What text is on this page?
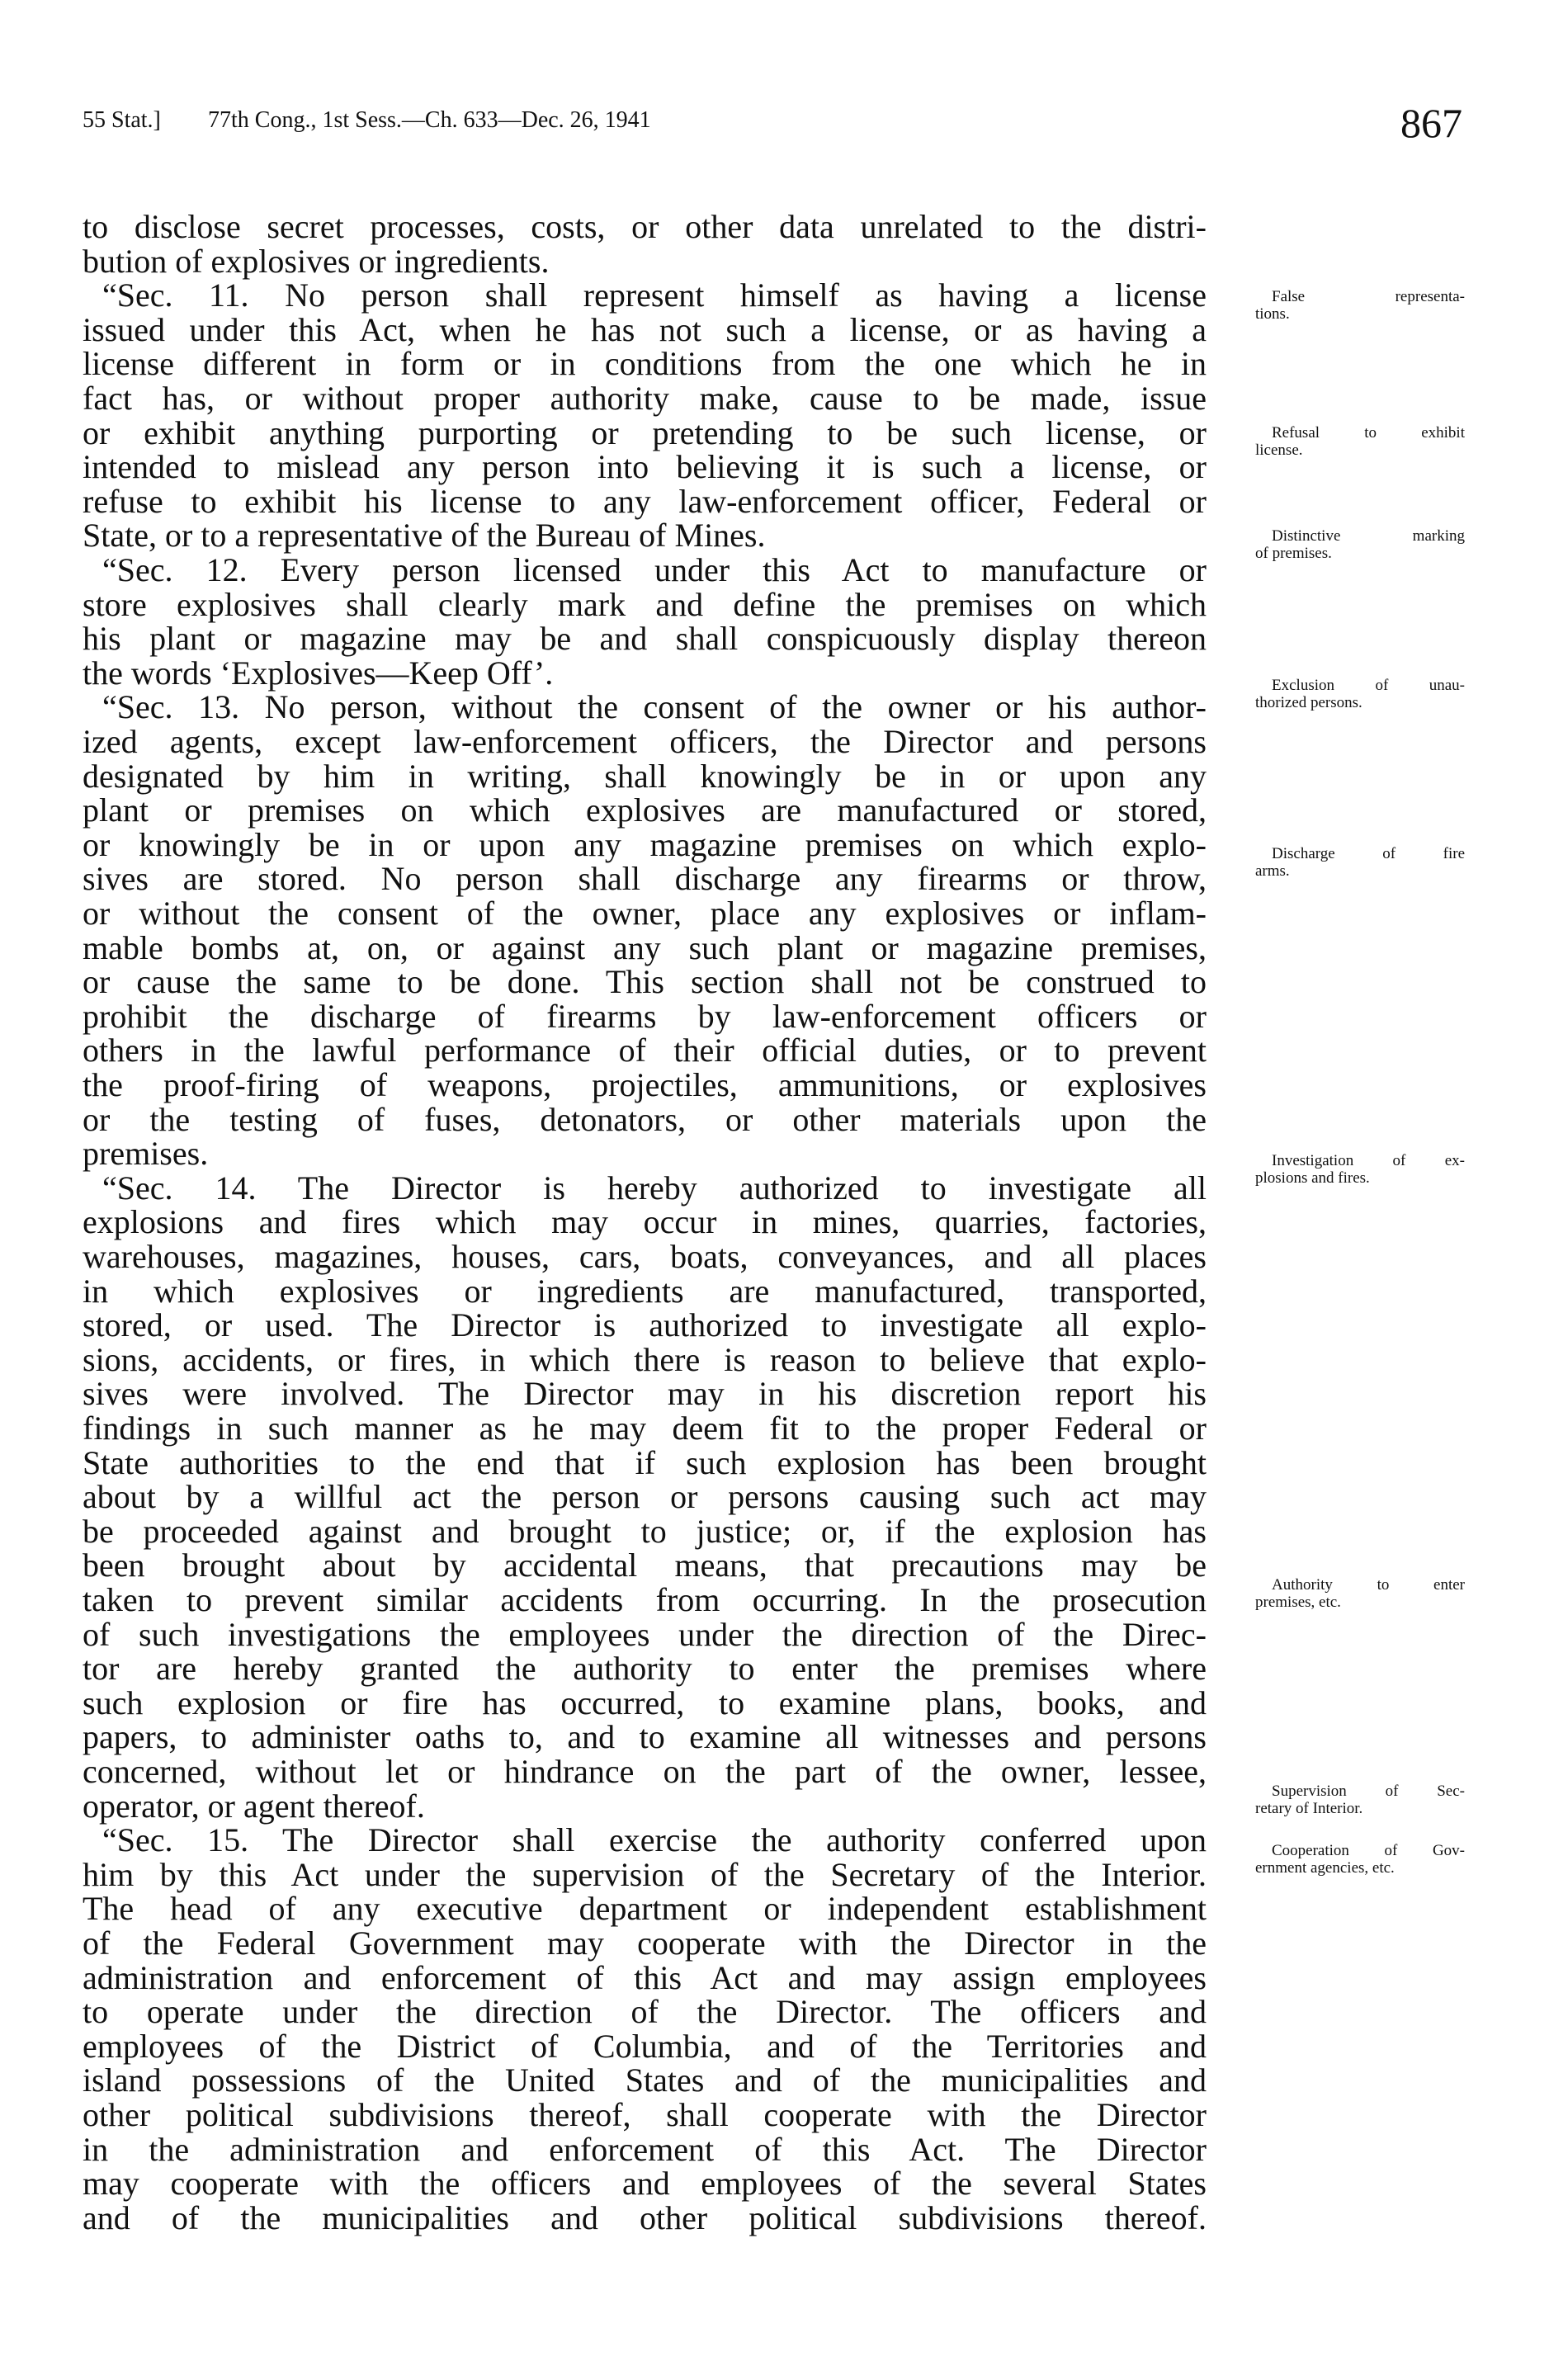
55 Stat.] 77th Cong., 1st Sess.—Ch. 633—Dec. 26, 1941	867
to disclose secret processes, costs, or other data unrelated to the distri-
bution of explosives or ingredients.
“Sec. 11. No person shall represent himself as having a license
issued under this Act, when he has not such a license, or as having a
license different in form or in conditions from the one which he in
fact has, or without proper authority make, cause to be made, issue
or exhibit anything purporting or pretending to be such license, or
intended to mislead any person into believing it is such a license, or
refuse to exhibit his license to any law-enforcement officer, Federal or
State, or to a representative of the Bureau of Mines.
“Sec. 12. Every person licensed under this Act to manufacture or
store explosives shall clearly mark and define the premises on which
his plant or magazine may be and shall conspicuously display thereon
the words ‘Explosives—Keep Off’.
“Sec. 13. No person, without the consent of the owner or his author-
ized agents, except law-enforcement officers, the Director and persons
designated by him in writing, shall knowingly be in or upon any
plant or premises on which explosives are manufactured or stored,
or knowingly be in or upon any magazine premises on which explo-
sives are stored. No person shall discharge any firearms or throw,
or without the consent of the owner, place any explosives or inflam-
mable bombs at, on, or against any such plant or magazine premises,
or cause the same to be done. This section shall not be construed to
prohibit the discharge of firearms by law-enforcement officers or
others in the lawful performance of their official duties, or to prevent
the proof-firing of weapons, projectiles, ammunitions, or explosives
or the testing of fuses, detonators, or other materials upon the
premises.
“Sec. 14. The Director is hereby authorized to investigate all
explosions and fires which may occur in mines, quarries, factories,
warehouses, magazines, houses, cars, boats, conveyances, and all places
in which explosives or ingredients are manufactured, transported,
stored, or used. The Director is authorized to investigate all explo-
sions, accidents, or fires, in which there is reason to believe that explo-
sives were involved. The Director may in his discretion report his
findings in such manner as he may deem fit to the proper Federal or
State authorities to the end that if such explosion has been brought
about by a willful act the person or persons causing such act may
be proceeded against and brought to justice; or, if the explosion has
been brought about by accidental means, that precautions may be
taken to prevent similar accidents from occurring. In the prosecution
of such investigations the employees under the direction of the Direc-
tor are hereby granted the authority to enter the premises where
such explosion or fire has occurred, to examine plans, books, and
papers, to administer oaths to, and to examine all witnesses and persons
concerned, without let or hindrance on the part of the owner, lessee,
operator, or agent thereof.
“Sec. 15. The Director shall exercise the authority conferred upon
him by this Act under the supervision of the Secretary of the Interior.
The head of any executive department or independent establishment
of the Federal Government may cooperate with the Director in the
administration and enforcement of this Act and may assign employees
to operate under the direction of the Director. The officers and
employees of the District of Columbia, and of the Territories and
island possessions of the United States and of the municipalities and
other political subdivisions thereof, shall cooperate with the Director
in the administration and enforcement of this Act. The Director
may cooperate with the officers and employees of the several States
and of the municipalities and other political subdivisions thereof.
False representa-
tions.
Refusal to exhibit
license.
Distinctive marking
of premises.
Exclusion of unau-
thorized persons.
Discharge of fire
arms.
Investigation of ex-
plosions and fires.
Authority to enter
premises, etc.
Supervision of Sec-
retary of Interior.
Cooperation of Gov-
ernment agencies, etc.
